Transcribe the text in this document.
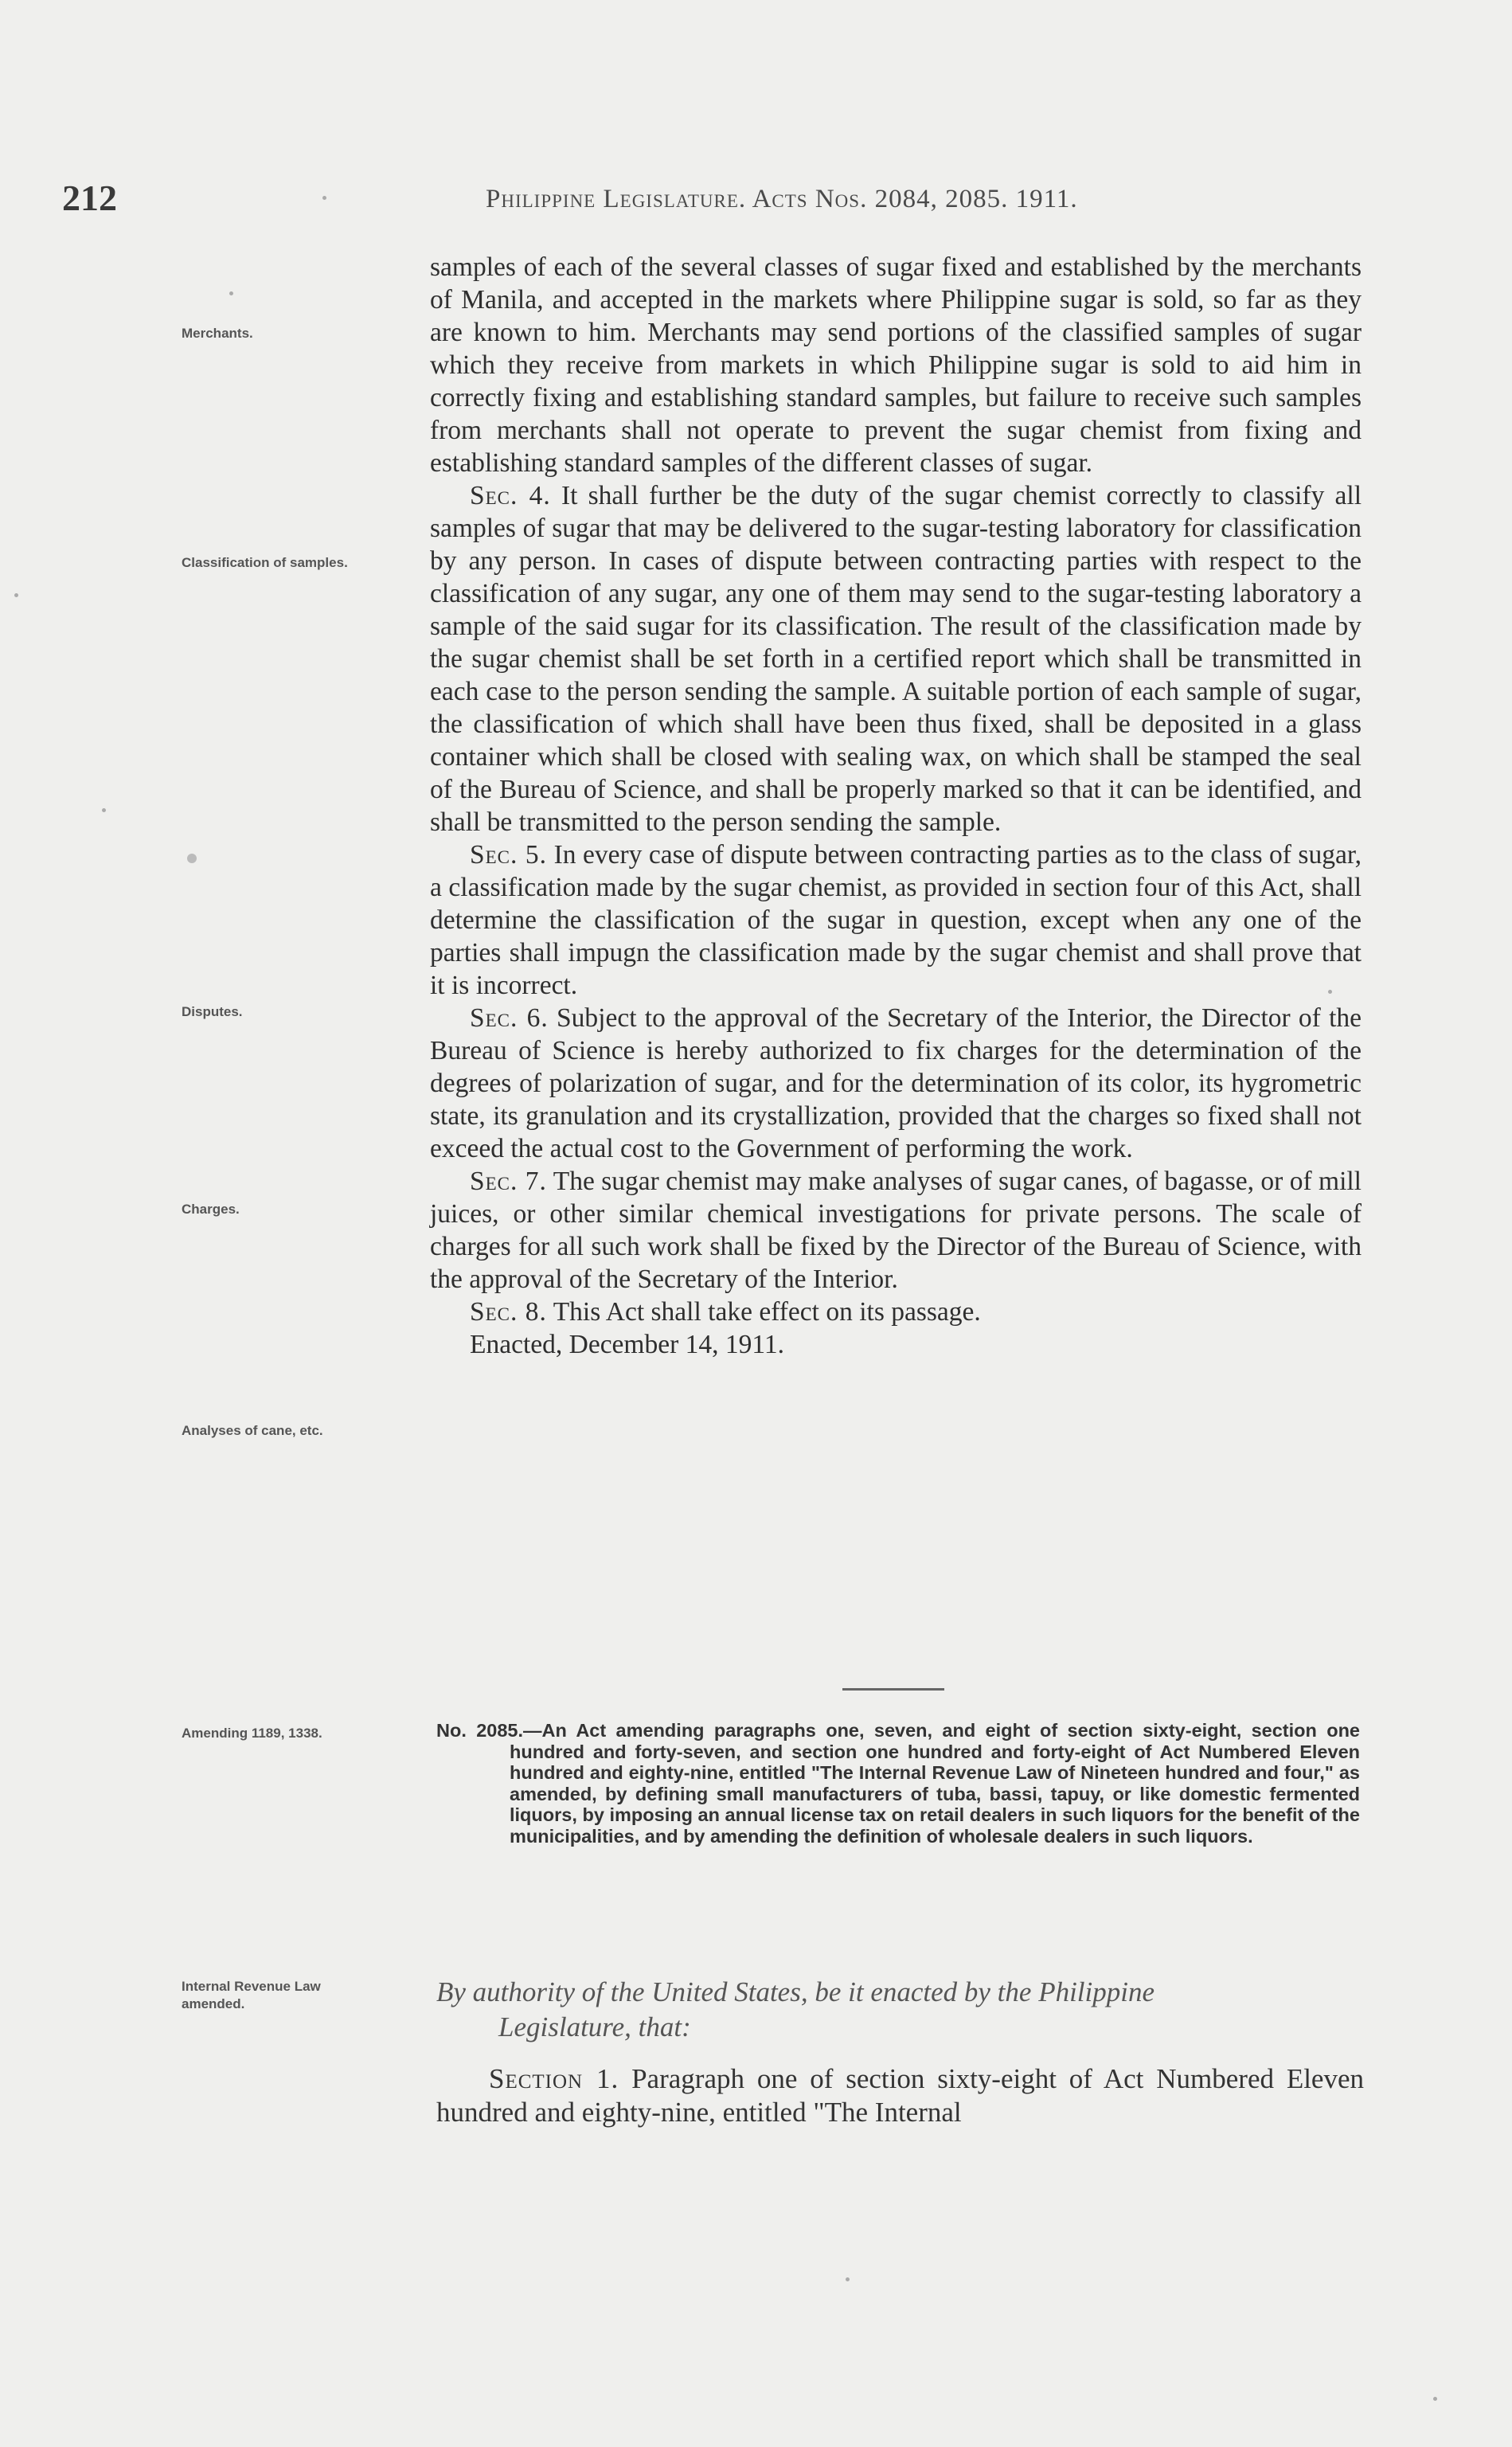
212	Philippine Legislature. Acts Nos. 2084, 2085. 1911.
Merchants.
Classification of samples.
Disputes.
Charges.
Analyses of cane, etc.
Amending 1189, 1338.
Internal Revenue Law amended.

samples of each of the several classes of sugar fixed and established by the merchants of Manila, and accepted in the markets where Philippine sugar is sold, so far as they are known to him. Merchants may send portions of the classified samples of sugar which they receive from markets in which Philippine sugar is sold to aid him in correctly fixing and establishing standard samples, but failure to receive such samples from merchants shall not operate to prevent the sugar chemist from fixing and establishing standard samples of the different classes of sugar.

Sec. 4. It shall further be the duty of the sugar chemist correctly to classify all samples of sugar that may be delivered to the sugar-testing laboratory for classification by any person. In cases of dispute between contracting parties with respect to the classification of any sugar, any one of them may send to the sugar-testing laboratory a sample of the said sugar for its classification. The result of the classification made by the sugar chemist shall be set forth in a certified report which shall be transmitted in each case to the person sending the sample. A suitable portion of each sample of sugar, the classification of which shall have been thus fixed, shall be deposited in a glass container which shall be closed with sealing wax, on which shall be stamped the seal of the Bureau of Science, and shall be properly marked so that it can be identified, and shall be transmitted to the person sending the sample.

Sec. 5. In every case of dispute between contracting parties as to the class of sugar, a classification made by the sugar chemist, as provided in section four of this Act, shall determine the classification of the sugar in question, except when any one of the parties shall impugn the classification made by the sugar chemist and shall prove that it is incorrect.

Sec. 6. Subject to the approval of the Secretary of the Interior, the Director of the Bureau of Science is hereby authorized to fix charges for the determination of the degrees of polarization of sugar, and for the determination of its color, its hygrometric state, its granulation and its crystallization, provided that the charges so fixed shall not exceed the actual cost to the Government of performing the work.

Sec. 7. The sugar chemist may make analyses of sugar canes, of bagasse, or of mill juices, or other similar chemical investigations for private persons. The scale of charges for all such work shall be fixed by the Director of the Bureau of Science, with the approval of the Secretary of the Interior.

Sec. 8. This Act shall take effect on its passage.

Enacted, December 14, 1911.

No. 2085.—An Act amending paragraphs one, seven, and eight of section sixty-eight, section one hundred and forty-seven, and section one hundred and forty-eight of Act Numbered Eleven hundred and eighty-nine, entitled "The Internal Revenue Law of Nineteen hundred and four," as amended, by defining small manufacturers of tuba, bassi, tapuy, or like domestic fermented liquors, by imposing an annual license tax on retail dealers in such liquors for the benefit of the municipalities, and by amending the definition of wholesale dealers in such liquors.
By authority of the United States, be it enacted by the Philippine
Legislature, that:

Section 1. Paragraph one of section sixty-eight of Act Numbered Eleven hundred and eighty-nine, entitled "The Internal
